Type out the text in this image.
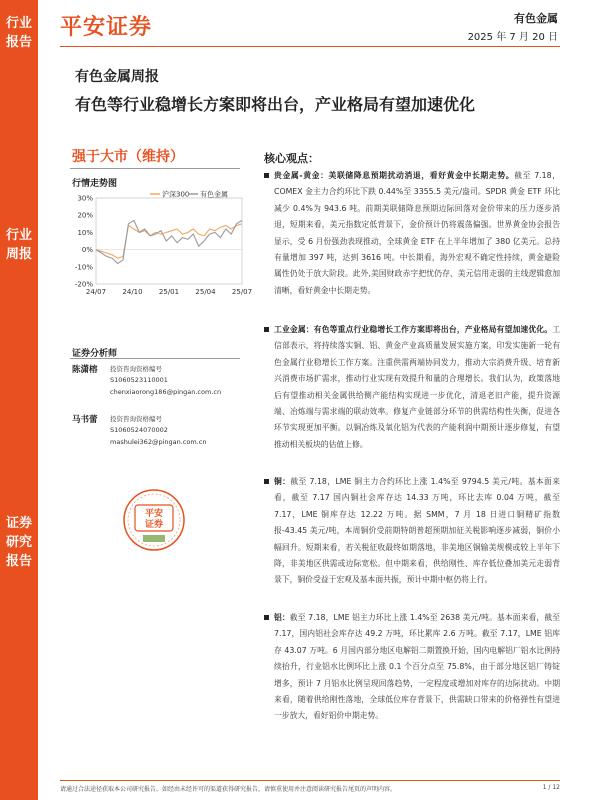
行业
报告
行业
周报
证券
研究
报告
平安证券	有色金属
2025 年 7 月 20 日
有色金属周报
有色等行业稳增长方案即将出台，产业格局有望加速优化
强于大市（维持）
行情走势图
30%
20%
10%
0%
-10%
-20%
24/07 24/10 25/01 25/04 25/07
沪深300 有色金属
证券分析师
陈潇榕 投资咨询资格编号
S1060523110001
chenxiaorong186@pingan.com.cn
马书蕾 投资咨询资格编号
S1060524070002
mashulei362@pingan.com.cn
平安
证券
核心观点：
贵金属-黄金：美联储降息预期扰动消退，看好黄金中长期走势。截至 7.18，COMEX 金主力合约环比下跌 0.44%至 3355.5 美元/盎司。SPDR 黄金 ETF 环比减少 0.4%为 943.6 吨。前期美联储降息预期边际回落对金价带来的压力逐步消退，短期来看，美元指数定低背景下，金价预计仍将震荡偏强。世界黄金协会报告显示，受 6 月份强劲表现推动，全球黄金 ETF 在上半年增加了 380 亿美元。总持有量增加 397 吨，达到 3616 吨。中长期看，海外宏观不确定性持续，黄金避险属性仍处于放大阶段。此外,美国财政赤字把忧仍存、美元信用走弱的主线逻辑愈加清晰，看好黄金中长期走势。
工业金属：有色等重点行业稳增长工作方案即将出台，产业格局有望加速优化。工信部表示，将持续落实铜、铝、黄金产业高质量发展实施方案，印发实施新一轮有色金属行业稳增长工作方案。注重供需两端协同发力，推动大宗消费升级、培育新兴消费市场扩需求，推动行业实现有效提升和量的合理增长。我们认为，政策落地后有望推动相关金属供给侧产能结构实现进一步优化，清退老旧产能，提升资源端、冶炼端与需求端的联动效率。修复产业链部分环节的供需结构性失衡，促进各环节实现更加平衡。以铜冶炼及氧化铝为代表的产能利润中期预计逐步修复，有望推动相关板块的估值上修。
铜：截至 7.18，LME 铜主力合约环比上涨 1.4%至 9794.5 美元/吨。基本面来看，截至 7.17 国内铜社会库存达 14.33 万吨，环比去库 0.04 万吨，截至 7.17，LME 铜库存达 12.22 万吨。据 SMM，7 月 18 日进口铜精矿指数报-43.45 美元/吨，本周铜价受前期特朗普超预期加征关税影响逐步减弱，铜价小幅回升。短期来看，若关税征收最终如期落地，非美地区铜输美规模或较上半年下降，非美地区供需或边际宽松。但中期来看，供给刚性、库存低位叠加美元走弱背景下，铜价受益于宏观及基本面共振，预计中期中枢仍将上行。
铝：截至 7.18，LME 铝主力环比上涨 1.4%至 2638 美元/吨。基本面来看，截至 7.17，国内铝社会库存达 49.2 万吨，环比累库 2.6 万吨。截至 7.17，LME 铝库存 43.07 万吨。6 月国内部分地区电解铝二期置换开始，国内电解铝厂铝水比例持续抬升，行业铝水比例环比上涨 0.1 个百分点至 75.8%，由于部分地区铝厂铸锭增多，预计 7 月铝水比例呈现回落趋势，一定程度或增加对库存的边际扰动。中期来看，随着供给刚性落地，全球低位库存背景下，供需缺口带来的价格弹性有望进一步放大，看好铝价中期走势。
请通过合法途径获取本公司研究报告，如经由未经许可的渠道获得研究报告，请慎重使用并注意阅读研究报告尾页的声明内容。	1 / 12
